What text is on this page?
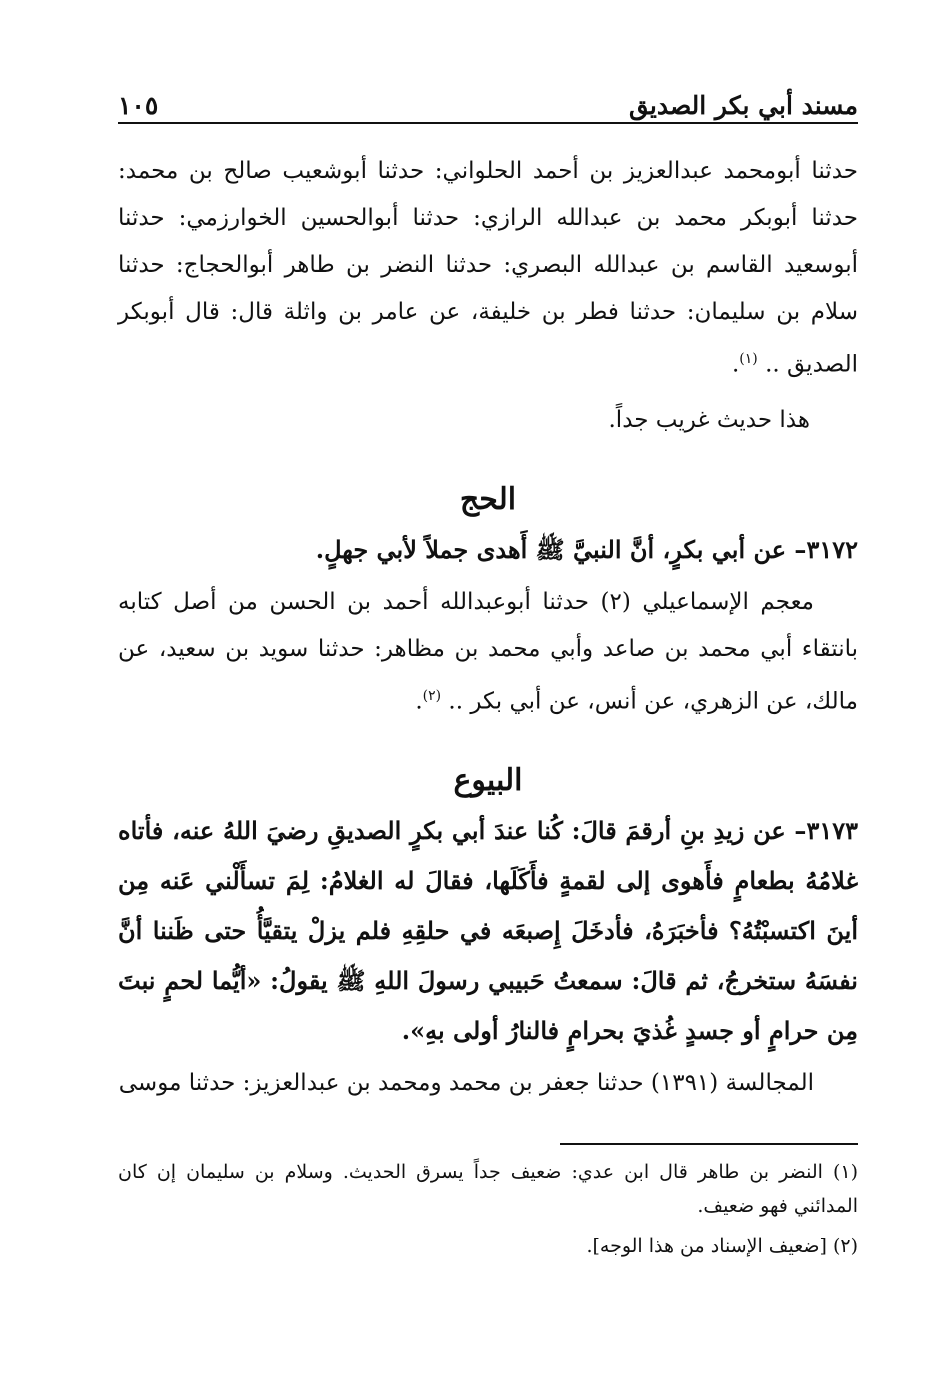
مسند أبي بكر الصديق
١٠٥

حدثنا أبومحمد عبدالعزيز بن أحمد الحلواني: حدثنا أبوشعيب صالح بن محمد: حدثنا أبوبكر محمد بن عبدالله الرازي: حدثنا أبوالحسين الخوارزمي: حدثنا أبوسعيد القاسم بن عبدالله البصري: حدثنا النضر بن طاهر أبوالحجاج: حدثنا سلام بن سليمان: حدثنا فطر بن خليفة، عن عامر بن واثلة قال: قال أبوبكر الصديق .. $^{(١)}$.

هذا حديث غريب جداً.

الحج

٣١٧٢– عن أبي بكرٍ، أنَّ النبيَّ ﷺ أَهدى جملاً لأبي جهلٍ.

معجم الإسماعيلي (٢) حدثنا أبوعبدالله أحمد بن الحسن من أصل كتابه بانتقاء أبي محمد بن صاعد وأبي محمد بن مظاهر: حدثنا سويد بن سعيد، عن مالك، عن الزهري، عن أنس، عن أبي بكر .. $^{(٢)}$.

البيوع

٣١٧٣– عن زيدِ بنِ أرقمَ قالَ: كُنا عندَ أبي بكرٍ الصديقِ رضيَ اللهُ عنه، فأتاه غلامُهُ بطعامٍ فأَهوى إلى لقمةٍ فأَكَلَها، فقالَ له الغلامُ: لِمَ تسأَلْني عَنه مِن أينَ اكتسبْتُهُ؟ فأخبَرَهُ، فأدخَلَ إِصبعَه في حلقِهِ فلم يزلْ يتقيَّأُ حتى ظَننا أنَّ نفسَهُ ستخرجُ، ثم قالَ: سمعتُ حَبيبي رسولَ اللهِ ﷺ يقولُ: «أيُّما لحمٍ نبتَ مِن حرامٍ أو جسدٍ غُذيَ بحرامٍ فالنارُ أولى بهِ».

المجالسة (١٣٩١) حدثنا جعفر بن محمد ومحمد بن عبدالعزيز: حدثنا موسى

(١) النضر بن طاهر قال ابن عدي: ضعيف جداً يسرق الحديث. وسلام بن سليمان إن كان المدائني فهو ضعيف.

(٢) [ضعيف الإسناد من هذا الوجه].
